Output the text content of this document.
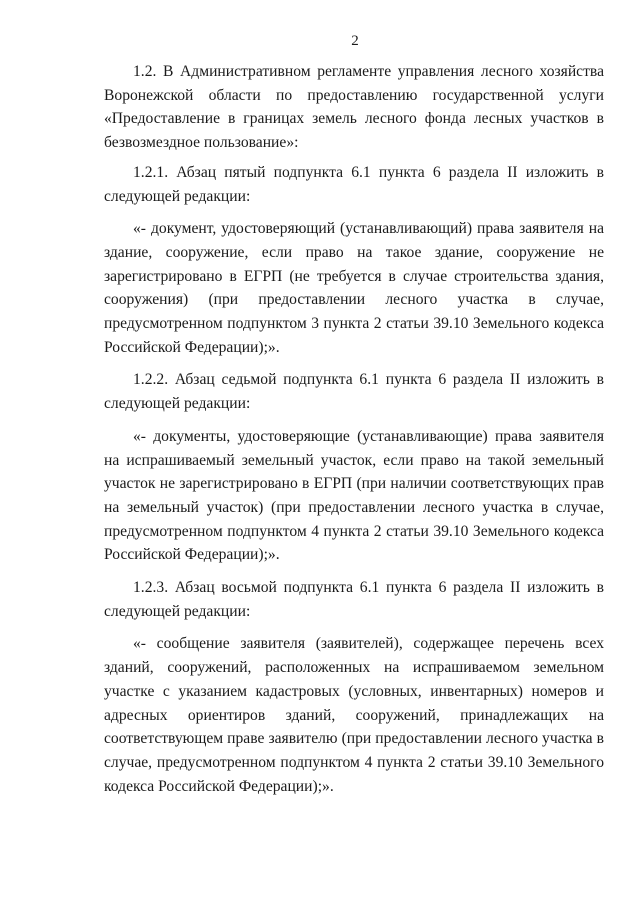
2

1.2. В Административном регламенте управления лесного хозяйства Воронежской области по предоставлению государственной услуги «Предоставление в границах земель лесного фонда лесных участков в безвозмездное пользование»:

1.2.1. Абзац пятый подпункта 6.1 пункта 6 раздела II изложить в следующей редакции:

«- документ, удостоверяющий (устанавливающий) права заявителя на здание, сооружение, если право на такое здание, сооружение не зарегистрировано в ЕГРП (не требуется в случае строительства здания, сооружения) (при предоставлении лесного участка в случае, предусмотренном подпунктом 3 пункта 2 статьи 39.10 Земельного кодекса Российской Федерации);».

1.2.2. Абзац седьмой подпункта 6.1 пункта 6 раздела II изложить в следующей редакции:

«- документы, удостоверяющие (устанавливающие) права заявителя на испрашиваемый земельный участок, если право на такой земельный участок не зарегистрировано в ЕГРП (при наличии соответствующих прав на земельный участок) (при предоставлении лесного участка в случае, предусмотренном подпунктом 4 пункта 2 статьи 39.10 Земельного кодекса Российской Федерации);».

1.2.3. Абзац восьмой подпункта 6.1 пункта 6 раздела II изложить в следующей редакции:

«- сообщение заявителя (заявителей), содержащее перечень всех зданий, сооружений, расположенных на испрашиваемом земельном участке с указанием кадастровых (условных, инвентарных) номеров и адресных ориентиров зданий, сооружений, принадлежащих на соответствующем праве заявителю (при предоставлении лесного участка в случае, предусмотренном подпунктом 4 пункта 2 статьи 39.10 Земельного кодекса Российской Федерации);».
